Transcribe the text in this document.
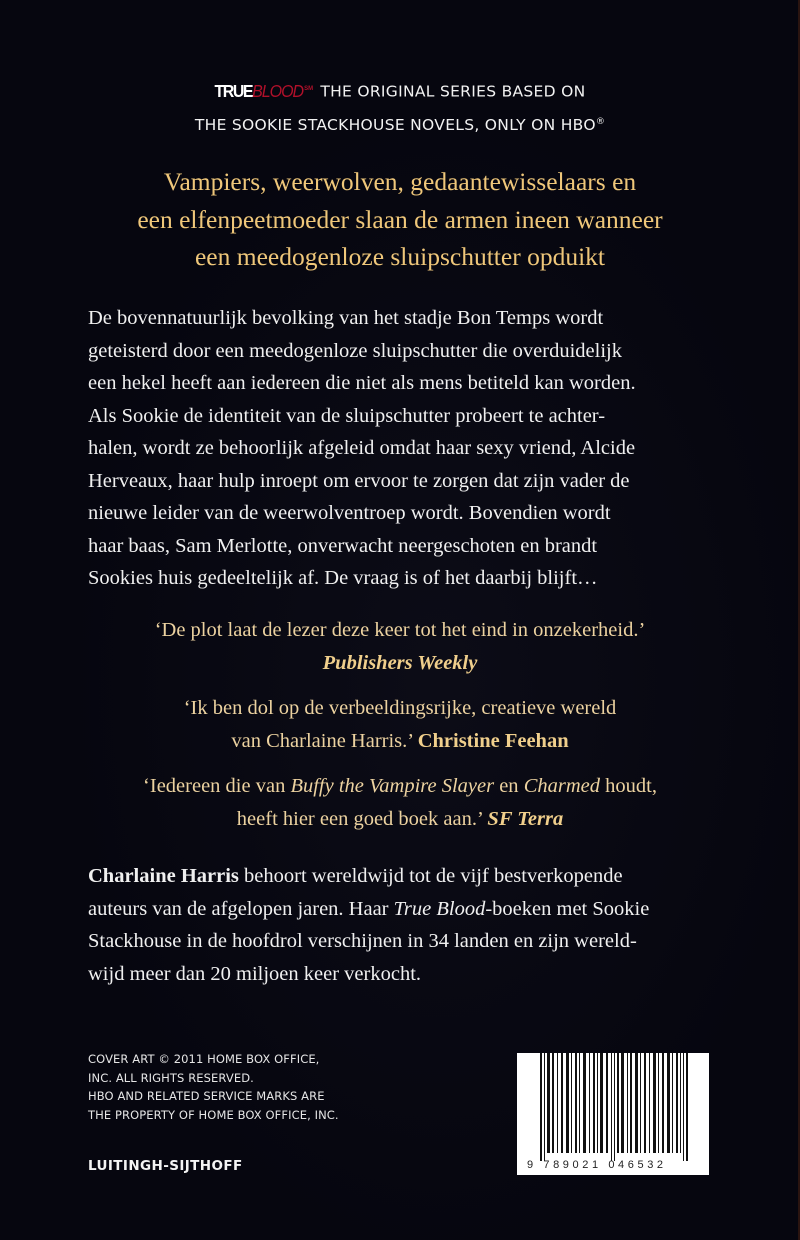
TRUEBLOOD℠ THE ORIGINAL SERIES BASED ON
THE SOOKIE STACKHOUSE NOVELS, ONLY ON HBO®
Vampiers, weerwolven, gedaantewisselaars en
een elfenpeetmoeder slaan de armen ineen wanneer
een meedogenloze sluipschutter opduikt
De bovennatuurlijk bevolking van het stadje Bon Temps wordt
geteisterd door een meedogenloze sluipschutter die overduidelijk
een hekel heeft aan iedereen die niet als mens betiteld kan worden.
Als Sookie de identiteit van de sluipschutter probeert te achter-
halen, wordt ze behoorlijk afgeleid omdat haar sexy vriend, Alcide
Herveaux, haar hulp inroept om ervoor te zorgen dat zijn vader de
nieuwe leider van de weerwolventroep wordt. Bovendien wordt
haar baas, Sam Merlotte, onverwacht neergeschoten en brandt
Sookies huis gedeeltelijk af. De vraag is of het daarbij blijft…
‘De plot laat de lezer deze keer tot het eind in onzekerheid.’
Publishers Weekly
‘Ik ben dol op de verbeeldingsrijke, creatieve wereld
van Charlaine Harris.’ Christine Feehan
‘Iedereen die van Buffy the Vampire Slayer en Charmed houdt,
heeft hier een goed boek aan.’ SF Terra
Charlaine Harris behoort wereldwijd tot de vijf bestverkopende
auteurs van de afgelopen jaren. Haar True Blood-boeken met Sookie
Stackhouse in de hoofdrol verschijnen in 34 landen en zijn wereld-
wijd meer dan 20 miljoen keer verkocht.
COVER ART © 2011 HOME BOX OFFICE,
INC. ALL RIGHTS RESERVED.
HBO AND RELATED SERVICE MARKS ARE
THE PROPERTY OF HOME BOX OFFICE, INC.
LUITINGH-SIJTHOFF	9 789021 046532
